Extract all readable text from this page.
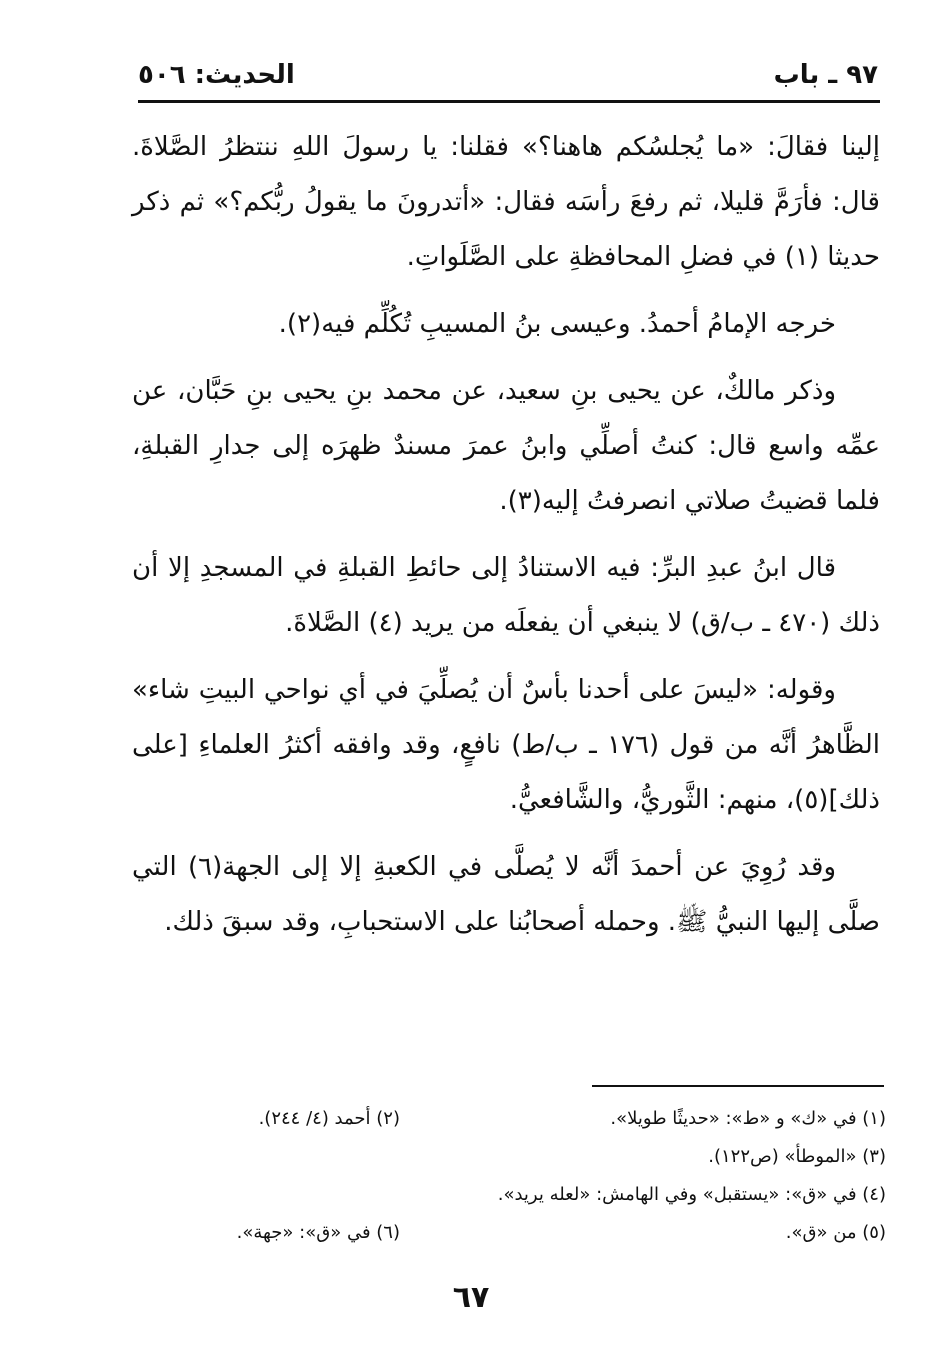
٩٧ ـ باب
الحديث: ٥٠٦

إلينا فقالَ: «ما يُجلسُكم هاهنا؟» فقلنا: يا رسولَ اللهِ ننتظرُ الصَّلاةَ. قال: فأرَمَّ قليلا، ثم رفعَ رأسَه فقال: «أتدرونَ ما يقولُ ربُّكم؟» ثم ذكر حديثا (١) في فضلِ المحافظةِ على الصَّلَواتِ.

خرجه الإمامُ أحمدُ. وعيسى بنُ المسيبِ تُكُلِّم فيه(٢).

وذكر مالكٌ، عن يحيى بنِ سعيد، عن محمد بنِ يحيى بنِ حَبَّان، عن عمِّه واسع قال: كنتُ أصلِّي وابنُ عمرَ مسندٌ ظهرَه إلى جدارِ القبلةِ، فلما قضيتُ صلاتي انصرفتُ إليه(٣).

قال ابنُ عبدِ البرِّ: فيه الاستنادُ إلى حائطِ القبلةِ في المسجدِ إلا أن ذلك (٤٧٠ ـ ب/ق) لا ينبغي أن يفعلَه من يريد (٤) الصَّلاةَ.

وقوله: «ليسَ على أحدنا بأسٌ أن يُصلِّيَ في أي نواحي البيتِ شاء» الظَّاهرُ أنَّه من قول (١٧٦ ـ ب/ط) نافعٍ، وقد وافقه أكثرُ العلماءِ [على ذلك](٥)، منهم: الثَّوريُّ، والشَّافعيُّ.

وقد رُوِيَ عن أحمدَ أنَّه لا يُصلَّى في الكعبةِ إلا إلى الجهة(٦) التي صلَّى إليها النبيُّ ﷺ. وحمله أصحابُنا على الاستحبابِ، وقد سبقَ ذلك.

(١) في «ك» و «ط»: «حديثًا طويلا».
(٢) أحمد (٤/ ٢٤٤).
(٣) «الموطأ» (ص١٢٢).
(٤) في «ق»: «يستقبل» وفي الهامش: «لعله يريد».
(٥) من «ق».
(٦) في «ق»: «جهة».
٦٧
